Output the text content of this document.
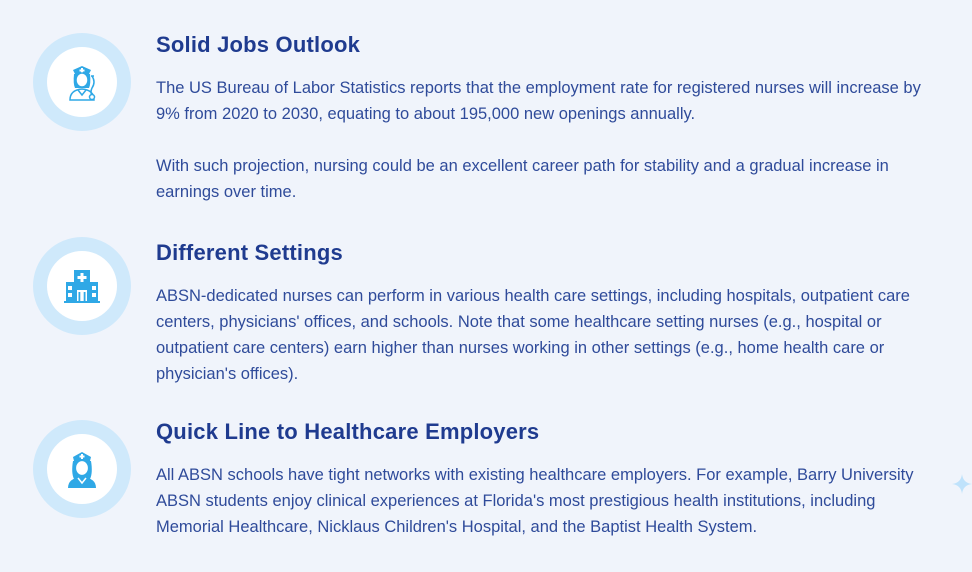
Solid Jobs Outlook

The US Bureau of Labor Statistics reports that the employment rate for registered nurses will increase by 9% from 2020 to 2030, equating to about 195,000 new openings annually.

With such projection, nursing could be an excellent career path for stability and a gradual increase in earnings over time.

Different Settings

ABSN-dedicated nurses can perform in various health care settings, including hospitals, outpatient care centers, physicians' offices, and schools. Note that some healthcare setting nurses (e.g., hospital or outpatient care centers) earn higher than nurses working in other settings (e.g., home health care or physician's offices).

Quick Line to Healthcare Employers

All ABSN schools have tight networks with existing healthcare employers. For example, Barry University ABSN students enjoy clinical experiences at Florida's most prestigious health institutions, including Memorial Healthcare, Nicklaus Children's Hospital, and the Baptist Health System.
